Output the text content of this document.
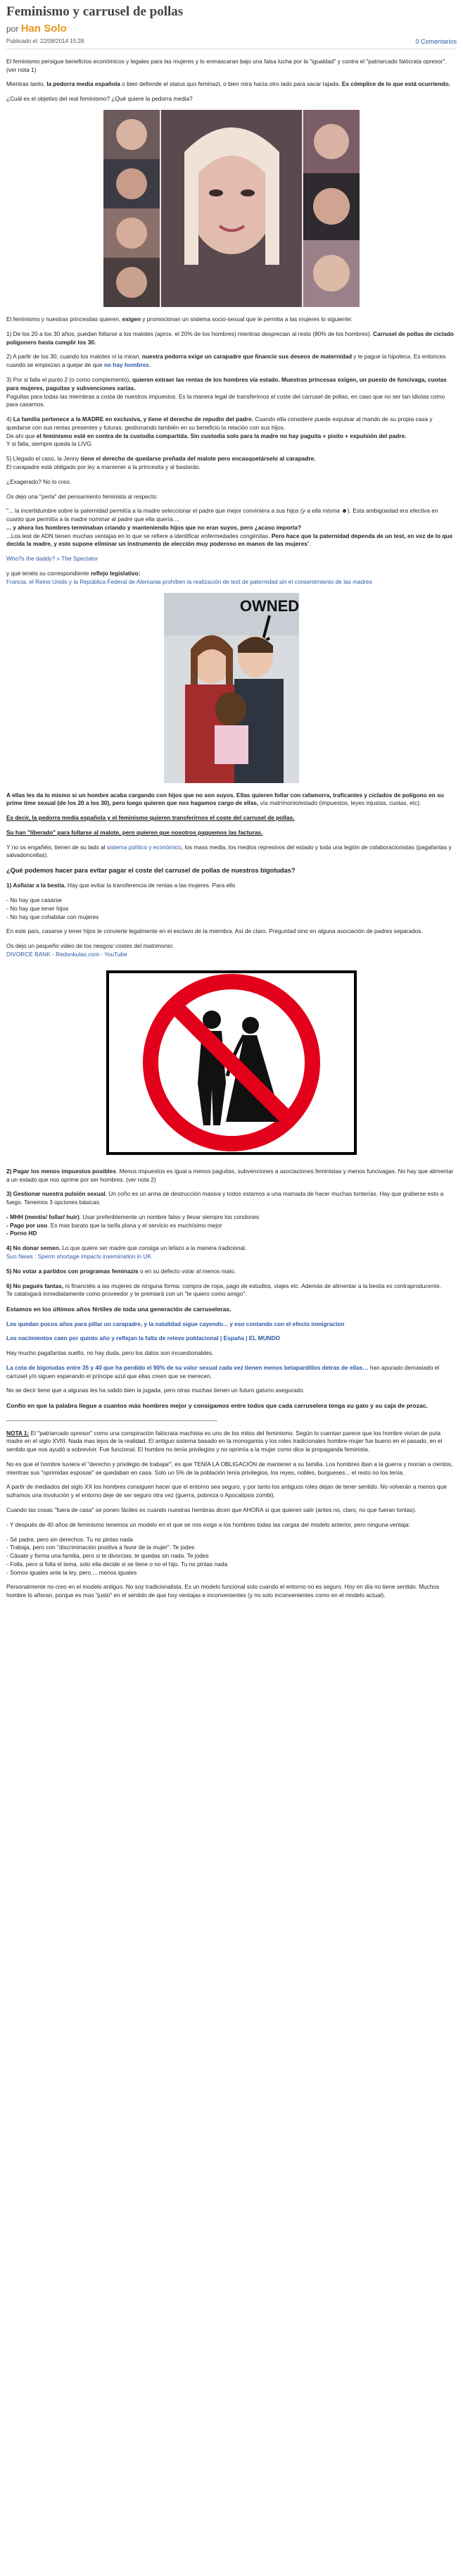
Feminismo y carrusel de pollas
por Han Solo
Publicado el: 22/08/2014 15:28	0 Comentarios

El feminismo persigue beneficios económicos y legales para las mujeres y lo enmascaran bajo una falsa lucha por la "igualdad" y contra el "patriarcado falócrata opresor". (ver nota 1)

Mientras tanto, la pedorra media española o bien defiende el status quo feminazi, o bien mira hacia otro lado para sacar tajada. Es cómplice de lo que está ocurriendo.

¿Cuál es el objetivo del real feminismo? ¿Qué quiere la pedorra media?

El feminismo y nuestras princesitas quieren, exigen y promocionan un sistema socio-sexual que le permita a las mujeres lo siguiente:

1) De los 20 a los 30 años, puedan follarse a los malotes (aprox. el 20% de los hombres) mientras desprecian al resto (80% de los hombres). Carrusel de pollas de ciclado poligonero hasta cumplir los 30.

2) A partir de los 30, cuando los malotes ni la miran, nuestra pedorra exige un carapadre que financie sus deseos de maternidad y le pague la hipoteca. Es entonces cuando se empiezan a quejar de que no hay hombres.

3) Por si falla el punto 2 (o como complemento), quieren extraer las rentas de los hombres vía estado. Muestras princesas exigen, un puesto de funcivaga, cuotas para mujeres, paguitas y subvenciones varias.
Paguitas para todas las miembras a costa de nuestros impuestos. Es la manera legal de transferirnos el coste del carrusel de pollas, en caso que no ser tan idiotas como para casarnos.

4) La familia pertenece a la MADRE en exclusiva, y tiene el derecho de repudio del padre. Cuando ella considere puede expulsar al mando de su propia casa y quedarse con sus rentas presentes y futuras. gestionando también en su beneficio la relación con sus hijos.
De ahí que el feminismo esté en contra de la custodia compartida. Sin custodia solo para la madre no hay paguita + pisito + expulsión del padre.
Y si falla, siempre queda la LIVG.

5) Llegado el caso, la Jenny tiene el derecho de quedarse preñada del malote pero encasquetárselo al carapadre.
El carapadre está obligado por ley a mantener a la princesita y al bastardo.

¿Exagerado? No lo creo.

Os dejo una "perla" del pensamiento feminista al respecto:

"... la incertidumbre sobre la paternidad permitía a la madre seleccionar el padre que mejor conviniera a sus hijos (y a ella misma ☻). Esta ambigüedad era efectiva en cuanto que permitía a la madre nominar al padre que ella quería....
... y ahora los hombres terminaban criando y manteniendo hijos que no eran suyos, pero ¿acaso importa?
...Los test de ADN tienen muchas ventajas en lo que se refiere a identificar enfermedades congénitas. Pero hace que la paternidad dependa de un test, en vez de lo que decida la madre, y esto supone eliminar un instrumento de elección muy poderoso en manos de las mujeres".

Who?s the daddy? » The Spectator

y qué tenéis su correspondiente reflejo legislativo:
Francia, el Reino Unido y la República Federal de Alemania prohíben la realización de test de paternidad sin el consentimiento de las madres

OWNED

A ellas les da lo mismo si un hombre acaba cargando con hijos que no son suyos. Ellas quieren follar con rafamorra, traficantes y ciclados de polígono en su prime time sexual (de los 20 a los 30), pero luego quieren que nos hagamos cargo de ellas, vía matrimonio/estado (impuestos, leyes injustas, cuotas, etc).

Es decir, la pedorra media española y el feminismo quieren transferirnos el coste del carrusel de pollas.

Su han "liberado" para follarse al malote, pero quieren que nosotros paguemos las facturas.

Y no os engañéis, tienen de su lado al sistema político y económico, los mass media, los medios represivos del estado y toda una legión de colaboracionistas (pagafantas y salvadoncellas).

¿Qué podemos hacer para evitar pagar el coste del carrusel de pollas de nuestros bigotudas?

1) Asfixiar a la bestia. Hay que evitar la transferencia de rentas a las mujeres. Para ello

- No hay que casarse
- No hay que tener hijos
- No hay que cohabitar con mujeres

En este país, casarse y tener hijos te convierte legalmente en el esclavo de la miembra. Así de claro. Preguntad sino en alguna asociación de padres separados.

Os dejo un pequeño video de los riesgos/ costes del matrimonio:
DIVORCE BANK - Redonkulas.com - YouTube

2) Pagar los menos impuestos posibles. Menos impuestos es igual a menos paguitas, subvenciones a asociaciones feministas y menos funcivagas. No hay que alimentar a un estado que nos oprime por ser hombres. (ver nota 2)

3) Gestionar nuestra pulsión sexual. Un coño es un arma de destrucción masiva y todos estamos a una mamada de hacer muchas tonterías. Hay que graberse esto a fuego. Tenemos 3 opciones básicas:

- MHH (mentis/ follar/ huir). Usar preferiblemente un nombre falso y llevar siempre los condones
- Pago por uso. Es mas barato que la tarifa plana y el servicio es muchísimo mejor
- Porno HD

4) No donar semen. Lo que quiere ser madre que consiga un lefazo a la manera tradicional.
Sun News : Sperm shortage impacts insemination in UK

5) No votar a partidos con programas feminazis o en su defecto votar al menos malo.

6) No pagués fantas, ni financiéis a las mujeres de ninguna forma: compra de ropa, pago de estudios, viajes etc. Además de alimentar a la bestia es contraproducente.
Te catalogará inmediatamente como proveedor y te premiará con un "te quiero como amigo".

Estamos en los últimos años fértiles de toda una generación de carruseleras.

Les quedan pocos años para pillar un carapadre, y la natalidad sigue cayendo... y eso contando con el efecto inmigracion

Los nacimientos caen por quinto año y reflejan la falta de relevo poblacional | España | EL MUNDO

Hay mucho pagafantas suelto, no hay duda, pero los datos son incuestionables.

La cota de bigotudas entre 35 y 40 que ha perdido el 90% de su valor sexual cada vez tienen menos betapardillos detras de ellas… han apurado demasiado el carrusel y/o siguen esperando el príncipe azul que ellas creen que se merecen.

No se decir tiene que a algunas les ha salido bien la jugada, pero otras muchas tienen un futuro gatuno asegurado.

Confío en que la palabra llegue a cuantos más hombres mejor y consigamos entre todos que cada carruselera tenga su gato y su caja de prozac.

NOTA 1: El "patriarcado opresor" como una conspiración falócrata machista es uno de los mitos del feminismo. Según lo cuentan parece que los hombre vivían de puta madre en el siglo XVIII. Nada mas lejos de la realidad. El antiguo sistema basado en la monogamia y los roles tradicionales hombre-mujer fue bueno en el pasado, en el sentido que nos ayudó a sobrevivir. Fue funcional. El hombre no tenía privilegios y no oprimía a la mujer como dice la propaganda feminista.

No es que el hombre tuviera el "derecho y privilegio de trabajar", es que TENÍA LA OBLIGACIÓN de mantener a su familia. Los hombres iban a la guerra y morían a cientos, mientras sus "oprimidas esposas" se quedaban en casa. Solo un 5% de la población tenía privilegios, los reyes, nobles, burgueses... el resto no los tenía.

A partir de mediados del siglo XX los hombres consiguen hacer que el entorno sea seguro, y por tanto los antiguos roles dejan de tener sentido. No volverán a menos que suframos una involución y el entorno deje de ser seguro otra vez (guerra, pobreza o Apocalipsis zombi).

Cuando las cosas "fuera de casa" se ponen fáciles es cuando nuestras hembras dicen que AHORA si que quieren salir (antes no, claro, no que fueran tontas).

- Y después de 40 años de feminismo tenemos un modelo en el que se nos exige a los hombres todas las cargas del modelo anterior, pero ninguna ventaja:

- Sé padre, pero sin derechos. Tu no pintas nada
- Trabaja, pero con "discriminación positiva a favor de la mujer". Te jodes
- Cásate y forma una familia, pero si te divorcias; te quedas sin nada. Te jodes
- Folla, pero si folla el tema, solo ella decide si se tiene o no el hijo. Tu no pintas nada
- Somos iguales ante la ley, pero.... menos iguales

Personalmente no creo en el modelo antiguo. No soy tradicionalista. Es un modelo funcional solo cuando el entorno no es seguro. Hoy en día no tiene sentido. Muchos hombre lo añoran, porque es mas "justo" en el sentido de que hoy ventajas e inconvenientes (y no solo inconvenientes como en el modelo actual).
